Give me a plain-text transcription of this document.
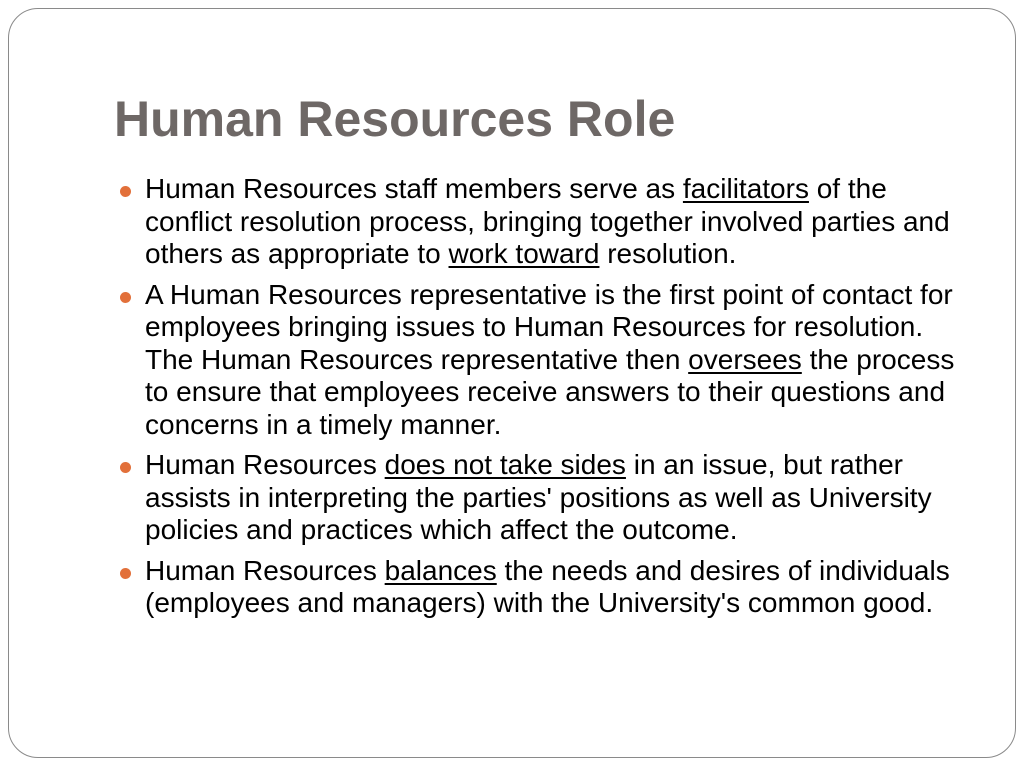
Human Resources Role
Human Resources staff members serve as facilitators of the conflict resolution process, bringing together involved parties and others as appropriate to work toward resolution.
A Human Resources representative is the first point of contact for employees bringing issues to Human Resources for resolution. The Human Resources representative then oversees the process to ensure that employees receive answers to their questions and concerns in a timely manner.
Human Resources does not take sides in an issue, but rather assists in interpreting the parties' positions as well as University policies and practices which affect the outcome.
Human Resources balances the needs and desires of individuals (employees and managers) with the University's common good.
